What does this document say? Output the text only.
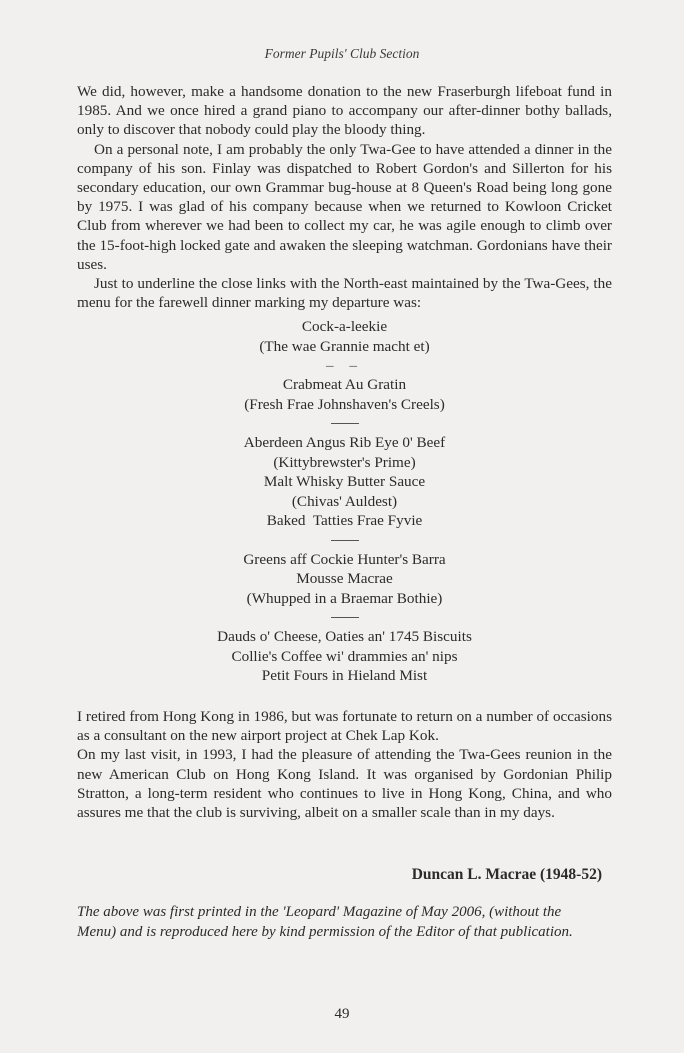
Former Pupils' Club Section

We did, however, make a handsome donation to the new Fraserburgh lifeboat fund in 1985. And we once hired a grand piano to accompany our after-dinner bothy ballads, only to discover that nobody could play the bloody thing.

On a personal note, I am probably the only Twa-Gee to have attended a dinner in the company of his son. Finlay was dispatched to Robert Gordon's and Sillerton for his secondary education, our own Grammar bug-house at 8 Queen's Road being long gone by 1975. I was glad of his company because when we returned to Kowloon Cricket Club from wherever we had been to collect my car, he was agile enough to climb over the 15-foot-high locked gate and awaken the sleeping watchman. Gordonians have their uses.

Just to underline the close links with the North-east maintained by the Twa-Gees, the menu for the farewell dinner marking my departure was:

Cock-a-leekie
(The wae Grannie macht et)
– –
Crabmeat Au Gratin
(Fresh Frae Johnshaven's Creels)
Aberdeen Angus Rib Eye 0' Beef
(Kittybrewster's Prime)
Malt Whisky Butter Sauce
(Chivas' Auldest)
Baked  Tatties Frae Fyvie
Greens aff Cockie Hunter's Barra
Mousse Macrae
(Whupped in a Braemar Bothie)
Dauds o' Cheese, Oaties an' 1745 Biscuits
Collie's Coffee wi' drammies an' nips
Petit Fours in Hieland Mist

I retired from Hong Kong in 1986, but was fortunate to return on a number of occasions as a consultant on the new airport project at Chek Lap Kok.

On my last visit, in 1993, I had the pleasure of attending the Twa-Gees reunion in the new American Club on Hong Kong Island. It was organised by Gordonian Philip Stratton, a long-term resident who continues to live in Hong Kong, China, and who assures me that the club is surviving, albeit on a smaller scale than in my days.

Duncan L. Macrae (1948-52)
The above was first printed in the 'Leopard' Magazine of May 2006, (without the Menu) and is reproduced here by kind permission of the Editor of that publication.
49
